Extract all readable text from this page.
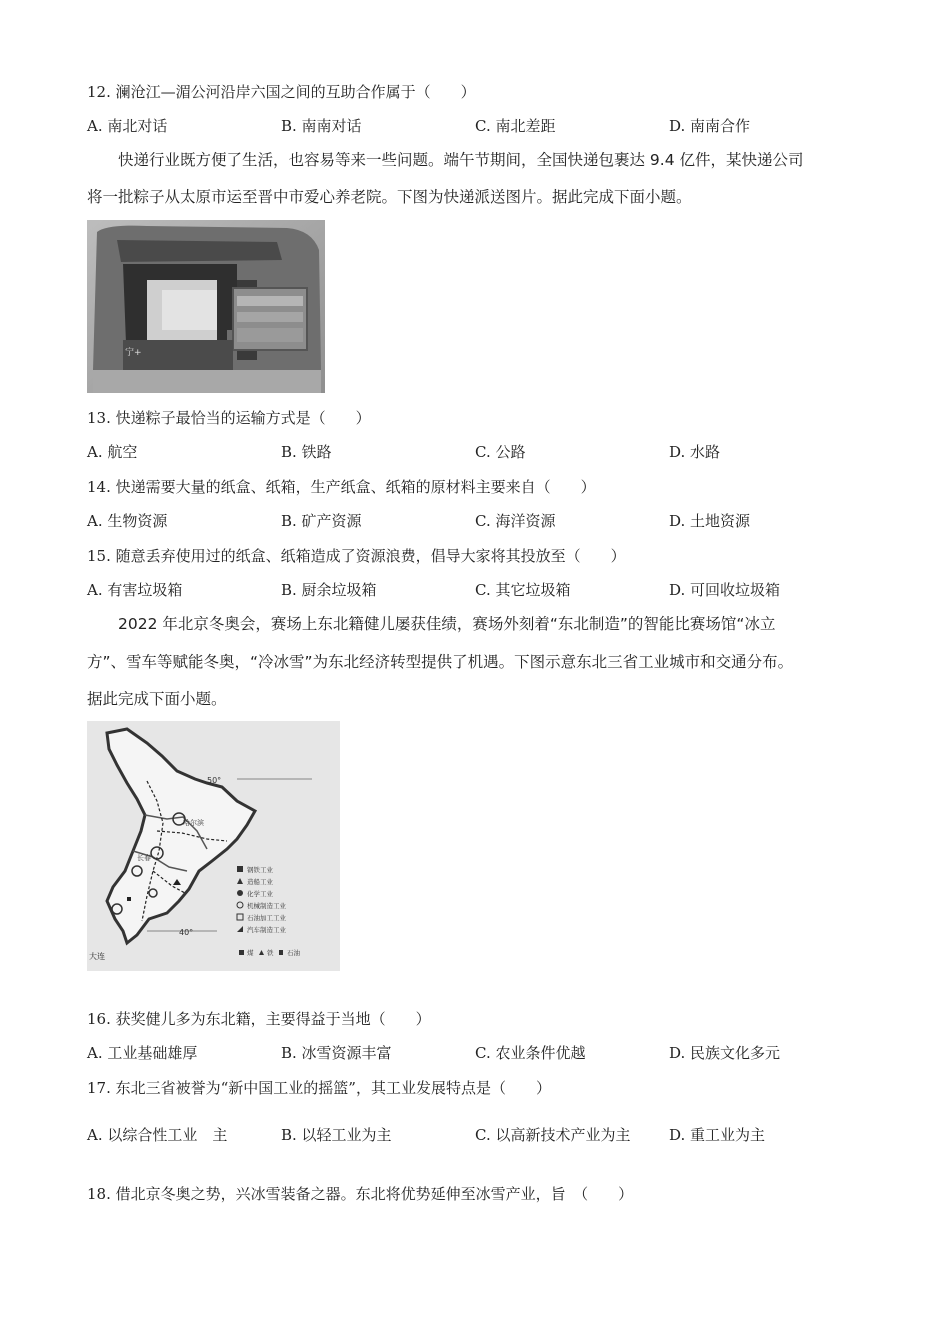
12. 澜沧江—湄公河沿岸六国之间的互助合作属于（　　）
A. 南北对话	B. 南南对话	C. 南北差距	D. 南南合作
快递行业既方便了生活，也容易等来一些问题。端午节期间，全国快递包裹达 9.4 亿件，某快递公司
将一批粽子从太原市运至晋中市爱心养老院。下图为快递派送图片。据此完成下面小题。
宁+
13. 快递粽子最恰当的运输方式是（　　）
A. 航空	B. 铁路	C. 公路	D. 水路
14. 快递需要大量的纸盒、纸箱，生产纸盒、纸箱的原材料主要来自（　　）
A. 生物资源	B. 矿产资源	C. 海洋资源	D. 土地资源
15. 随意丢弃使用过的纸盒、纸箱造成了资源浪费，倡导大家将其投放至（　　）
A. 有害垃圾箱	B. 厨余垃圾箱	C. 其它垃圾箱	D. 可回收垃圾箱
2022 年北京冬奥会，赛场上东北籍健儿屡获佳绩，赛场外刻着“东北制造”的智能比赛场馆“冰立
方”、雪车等赋能冬奥，“冷冰雪”为东北经济转型提供了机遇。下图示意东北三省工业城市和交通分布。
据此完成下面小题。
50°
40°
哈尔滨
长春
大连
钢铁工业
造船工业
化学工业
机械制造工业
石油加工工业
汽车制造工业
煤 铁 石油
16. 获奖健儿多为东北籍，主要得益于当地（　　）
A. 工业基础雄厚	B. 冰雪资源丰富	C. 农业条件优越	D. 民族文化多元
17. 东北三省被誉为“新中国工业的摇篮”，其工业发展特点是（　　）
A. 以综合性工业　主	B. 以轻工业为主	C. 以高新技术产业为主	D. 重工业为主
18. 借北京冬奥之势，兴冰雪装备之器。东北将优势延伸至冰雪产业，旨　（　　）
